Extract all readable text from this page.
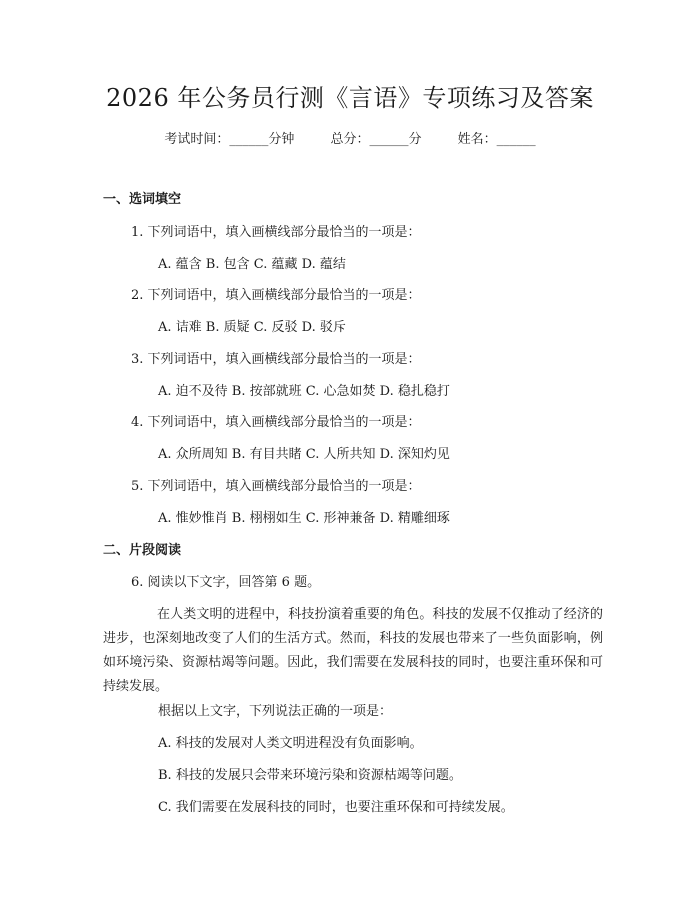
2026 年公务员行测《言语》专项练习及答案
考试时间：______分钟	总分：______分	姓名：______
一、选词填空
1. 下列词语中，填入画横线部分最恰当的一项是：
A. 蕴含 B. 包含 C. 蕴藏 D. 蕴结
2. 下列词语中，填入画横线部分最恰当的一项是：
A. 诘难 B. 质疑 C. 反驳 D. 驳斥
3. 下列词语中，填入画横线部分最恰当的一项是：
A. 迫不及待 B. 按部就班 C. 心急如焚 D. 稳扎稳打
4. 下列词语中，填入画横线部分最恰当的一项是：
A. 众所周知 B. 有目共睹 C. 人所共知 D. 深知灼见
5. 下列词语中，填入画横线部分最恰当的一项是：
A. 惟妙惟肖 B. 栩栩如生 C. 形神兼备 D. 精雕细琢
二、片段阅读
6. 阅读以下文字，回答第 6 题。
在人类文明的进程中，科技扮演着重要的角色。科技的发展不仅推动了经济的进步，也深刻地改变了人们的生活方式。然而，科技的发展也带来了一些负面影响，例如环境污染、资源枯竭等问题。因此，我们需要在发展科技的同时，也要注重环保和可持续发展。
根据以上文字，下列说法正确的一项是：
A. 科技的发展对人类文明进程没有负面影响。
B. 科技的发展只会带来环境污染和资源枯竭等问题。
C. 我们需要在发展科技的同时，也要注重环保和可持续发展。
